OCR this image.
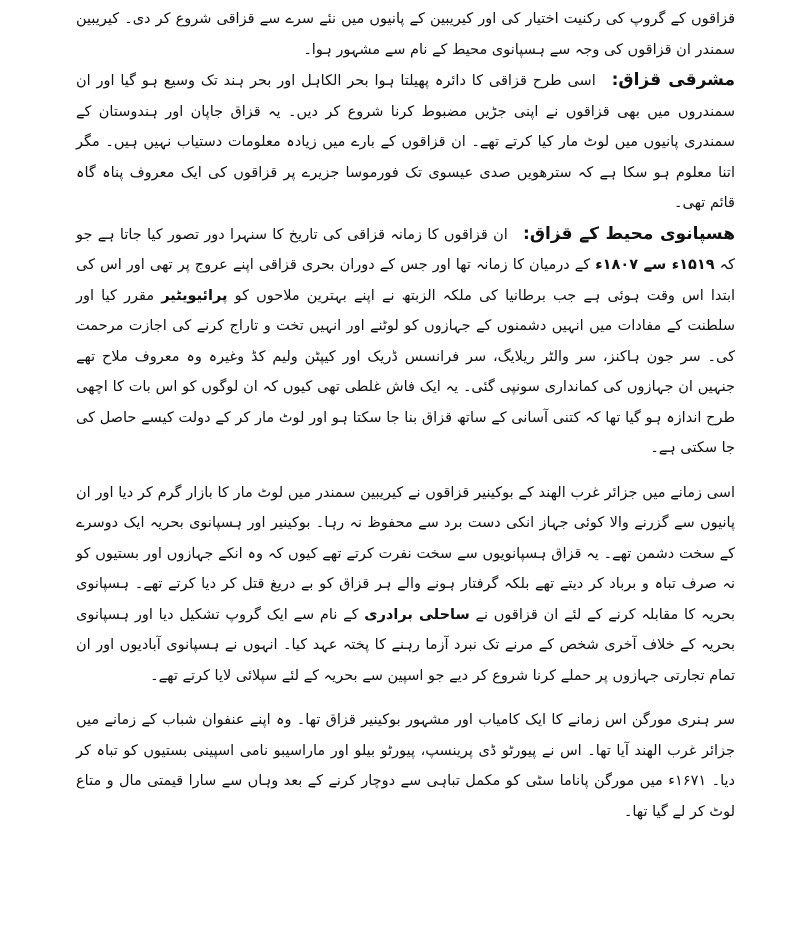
قزاقوں کے گروپ کی رکنیت اختیار کی اور کیریبین کے پانیوں میں نئے سرے سے قزاقی شروع کر دی۔ کیریبین سمندر ان قزاقوں کی وجہ سے ہسپانوی محیط کے نام سے مشہور ہوا۔

مشرقی قزاق: اسی طرح قزاقی کا دائرہ پھیلتا ہوا بحر الکاہل اور بحر ہند تک وسیع ہو گیا اور ان سمندروں میں بھی قزاقوں نے اپنی جڑیں مضبوط کرنا شروع کر دیں۔ یہ قزاق جاپان اور ہندوستان کے سمندری پانیوں میں لوٹ مار کیا کرتے تھے۔ ان قزاقوں کے بارے میں زیادہ معلومات دستیاب نہیں ہیں۔ مگر اتنا معلوم ہو سکا ہے کہ سترھویں صدی عیسوی تک فورموسا جزیرے پر قزاقوں کی ایک معروف پناہ گاہ قائم تھی۔

ھسپانوی محیط کے قزاق: ان قزاقوں کا زمانہ قزاقی کی تاریخ کا سنہرا دور تصور کیا جاتا ہے جو کہ ۱۵۱۹ء سے ۱۸۰۷ء کے درمیان کا زمانہ تھا اور جس کے دوران بحری قزاقی اپنے عروج پر تھی اور اس کی ابتدا اس وقت ہوئی ہے جب برطانیا کی ملکہ الزبتھ نے اپنے بہترین ملاحوں کو پرائیویٹیر مقرر کیا اور سلطنت کے مفادات میں انہیں دشمنوں کے جہازوں کو لوٹنے اور انہیں تخت و تاراج کرنے کی اجازت مرحمت کی۔ سر جون ہاکنز، سر والٹر ریلایگ، سر فرانسس ڈریک اور کیپٹن ولیم کڈ وغیرہ وہ معروف ملاح تھے جنہیں ان جہازوں کی کمانداری سونپی گئی۔ یہ ایک فاش غلطی تھی کیوں کہ ان لوگوں کو اس بات کا اچھی طرح اندازہ ہو گیا تھا کہ کتنی آسانی کے ساتھ قزاق بنا جا سکتا ہو اور لوٹ مار کر کے دولت کیسے حاصل کی جا سکتی ہے۔

اسی زمانے میں جزائر غرب الھند کے بوکینیر قزاقوں نے کیریبین سمندر میں لوٹ مار کا بازار گرم کر دیا اور ان پانیوں سے گزرنے والا کوئی جہاز انکی دست برد سے محفوظ نہ رہا۔ بوکینیر اور ہسپانوی بحریہ ایک دوسرے کے سخت دشمن تھے۔ یہ قزاق ہسپانویوں سے سخت نفرت کرتے تھے کیوں کہ وہ انکے جہازوں اور بستیوں کو نہ صرف تباہ و برباد کر دیتے تھے بلکہ گرفتار ہونے والے ہر قزاق کو بے دریغ قتل کر دیا کرتے تھے۔ ہسپانوی بحریہ کا مقابلہ کرنے کے لئے ان قزاقوں نے ساحلی برادری کے نام سے ایک گروپ تشکیل دیا اور ہسپانوی بحریہ کے خلاف آخری شخص کے مرنے تک نبرد آزما رہنے کا پختہ عہد کیا۔ انہوں نے ہسپانوی آبادیوں اور ان تمام تجارتی جہازوں پر حملے کرنا شروع کر دیے جو اسپین سے بحریہ کے لئے سپلائی لایا کرتے تھے۔

سر ہنری مورگن اس زمانے کا ایک کامیاب اور مشہور بوکینیر قزاق تھا۔ وہ اپنے عنفوان شباب کے زمانے میں جزائر غرب الھند آیا تھا۔ اس نے پیورٹو ڈی پرینسپ، پیورٹو بیلو اور ماراسیبو نامی اسپینی بستیوں کو تباہ کر دیا۔ ۱۶۷۱ء میں مورگن پاناما سٹی کو مکمل تباہی سے دوچار کرنے کے بعد وہاں سے سارا قیمتی مال و متاع لوٹ کر لے گیا تھا۔
